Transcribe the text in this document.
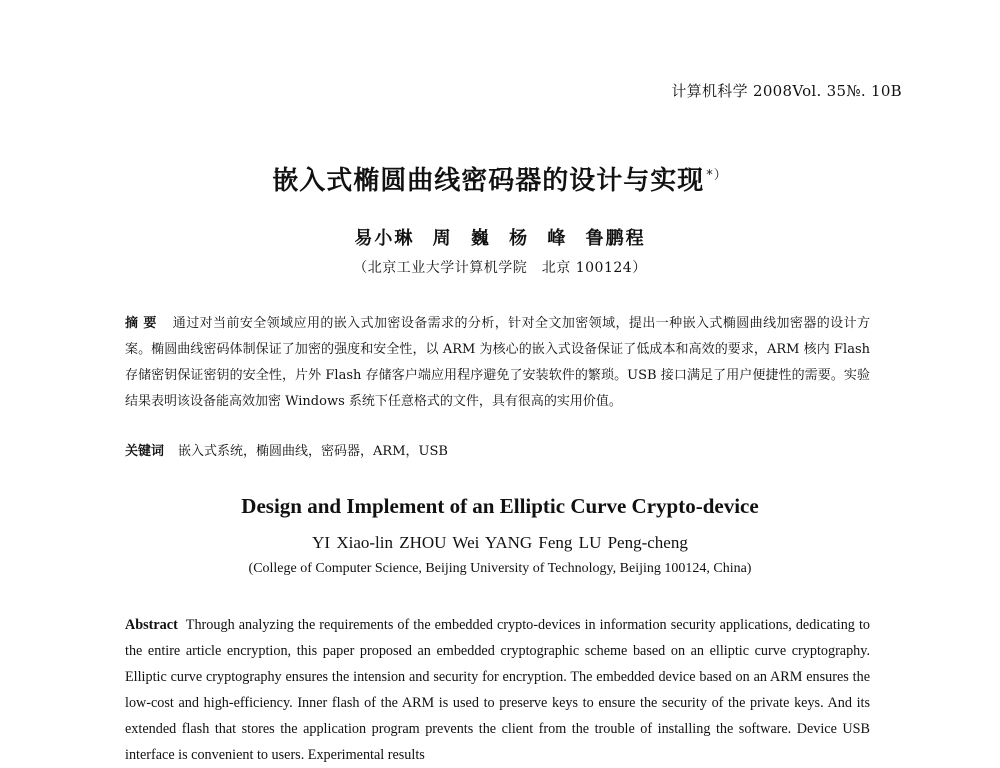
计算机科学 2008Vol. 35№. 10B
嵌入式椭圆曲线密码器的设计与实现 *）
易小琳 周 巍 杨 峰 鲁鹏程
（北京工业大学计算机学院　北京 100124）
摘 要 通过对当前安全领域应用的嵌入式加密设备需求的分析，针对全文加密领域，提出一种嵌入式椭圆曲线加密器的设计方案。椭圆曲线密码体制保证了加密的强度和安全性，以 ARM 为核心的嵌入式设备保证了低成本和高效的要求，ARM 核内 Flash 存储密钥保证密钥的安全性，片外 Flash 存储客户端应用程序避免了安装软件的繁琐。USB 接口满足了用户便捷性的需要。实验结果表明该设备能高效加密 Windows 系统下任意格式的文件，具有很高的实用价值。
关键词 嵌入式系统，椭圆曲线，密码器，ARM，USB
Design and Implement of an Elliptic Curve Crypto-device
YI Xiao-lin ZHOU Wei YANG Feng LU Peng-cheng
(College of Computer Science, Beijing University of Technology, Beijing 100124, China)
Abstract Through analyzing the requirements of the embedded crypto-devices in information security applications, dedicating to the entire article encryption, this paper proposed an embedded cryptographic scheme based on an elliptic curve cryptography. Elliptic curve cryptography ensures the intension and security for encryption. The embedded device based on an ARM ensures the low-cost and high-efficiency. Inner flash of the ARM is used to preserve keys to ensure the security of the private keys. And its extended flash that stores the application program prevents the client from the trouble of installing the software. Device USB interface is convenient to users. Experimental results
